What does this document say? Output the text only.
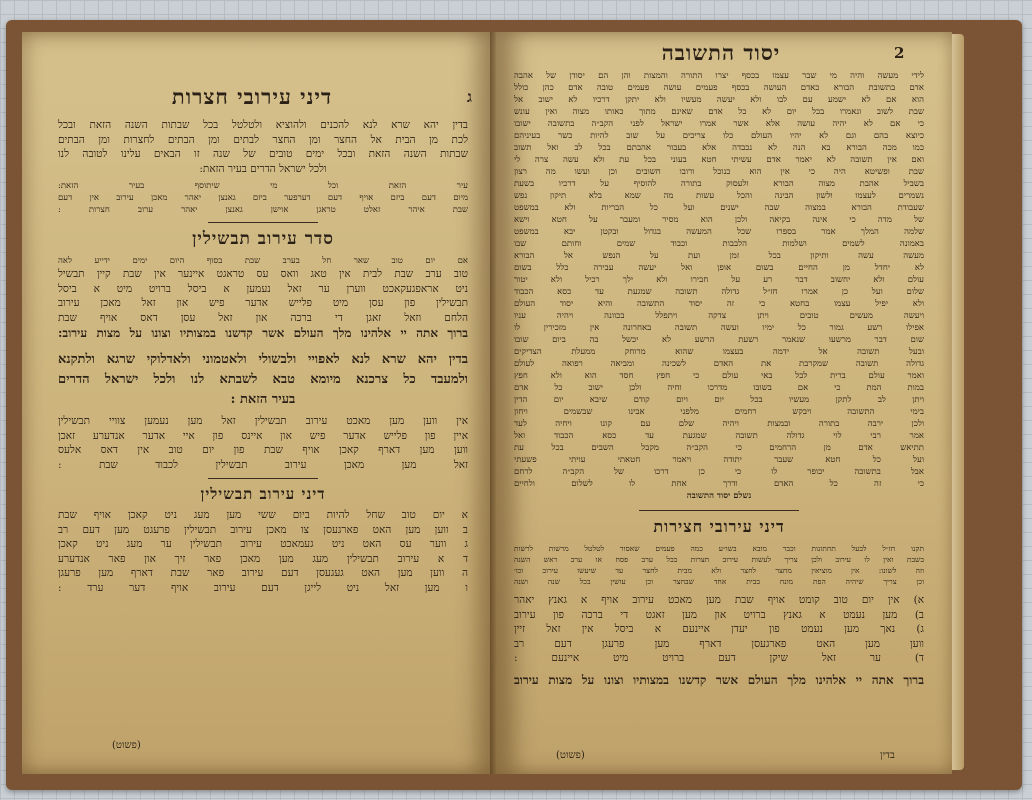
ג
דיני עירובי חצרות
בדין יהא שרא לנא להכנים ולהוציא ולטלטל בכל שבתות השנה הזאת ובכל
לכת מן הבית אל החצר ומן החצר לבתים ומן הבתים לחצרות ומן הבתים
שבתות השנה הזאת ובכל ימים טובים של שנה זו הבאים עלינו לטובה לנו
ולכל ישראל הדרים בעיר הזאת:
עיר הזאת וכל מי שיתוסף בעיר הזאת:
מיום דעם ביזם אויף דעם דערפער ביזם גאנצן יאהר מאכן עירוב אין דעם
שבת איהר זאלט טראגן אוישן גאנצן יאהר ערוב חצרות :
סדר עירוב תבשילין
אם יום טוב שאר חל בערב שבת בסוף היום ימים ידייע לאה
טוב ערב שבת לבית אין טאג וואס עס טראגט איינער אין שבת קיין תבשיל
ניט אראפגעקאכט ווערן ער זאל נעמען א ביסל ברויט מיט א ביסל
תבשילין פון עסן מיט פלייש אדער פיש און זאל מאכן עירוב
הלחם וזאל זאגן די ברכה און זאל עסן דאס אויף שבת
ברוך אתה יי אלהינו מלך העולם אשר קדשנו במצותיו וצונו על מצות עירוב:
בדין יהא שרא לנא לאפויי ולבשולי ולאטמוני ולאדלוקי שרגא ולתקנא
ולמעבד כל צרכנא מיומא טבא לשבתא לנו ולכל ישראל הדרים
בעיר הזאת :
אין ווען מען מאכט עירוב תבשילין זאל מען נעמען צוויי תבשילין
איין פון פלייש אדער פיש און איינס פון איי אדער אנדערע זאכן
ווען מען דארף קאכן אויף שבת פון יום טוב אין דאס אלעס
זאל מען מאכן עירוב תבשילין לכבוד שבת :
דיני עירוב תבשילין
א יום טוב שחל להיות ביום ששי מען מעג ניט קאכן אויף שבת
ב ווען מען האט פארגעסן צו מאכן עירוב תבשילין פרעגט מען דעם רב
ג ווער עס האט ניט געמאכט עירוב תבשילין ער מעג ניט קאכן
ד א עירוב תבשילין מעג מען מאכן פאר זיך און פאר אנדערע
ה ווען מען האט געגעסן דעם עירוב פאר שבת דארף מען פרעגן
ו מען זאל ניט לייגן דעם עירוב אויף דער ערד :
(פשוט)
2
יסוד התשובה
לידי מעשה והיה מי שבר עצמו בכסף יצרו התורה והמצות והן הם יסודן של אהבה
אדם בתשובת הבורא כאדם העושה בכסף פעמים עושה פעמים טובה אדם כהן כולל
הוא אם לא ישמע עם לבו ולא יעשה מעשיו ולא יתקן דרכיו לא ישוב אל
שבת לשוב ונאמרו בכל יום לא כל אדם שאינם מתוך כאותו מצוה ואין עונש
כי אם לא יהיה עושה אלא אשר אמרו ישראל לפני הקב״ה בתשובה ישובו
כיוצא בהם וגם לא יהיו העולם כלו צריכים על שוב להיות כשר בעיניהם
כמו מכה הבורא בא הנה לא נכבדה אלא בעבור אהבתם בכל לב ואל תשוב
ואם אין תשובה לא יאמר אדם עשיתי חטא בעוני בכל עת ולא עשה צרה לי
שבת ופשיטא היה כי אין הוא כנוכל ורובו חשובים וכן ועשו מה רצון
בשביל אהבת מצוה הבורא ולעסוק בתורה להוסיף על דרכיו בשעת
נשמרים לעצמו ולשון הבינה והכל עשות מה שמא בלא תיקון נפש
שעבודת הבורא במצוה שבה ישנים ועל כל הבריות ולא במשפט
של מדה כי אינה בקיאה ולכן הוא מסיר ומעבר על חטא וישא
שלמה המלך אמר בספרו שכל המעשה בגדול ובקטן יבא במשפט
באמונה לשמים ושלמות הלבבות וכבוד שמים וחותם שבו
מעשה עשה ותיקון בכל זמן ועת על הנפש אל הבורא
לא יחדל מן החיים בשום אופן ואל יעשה עבירה כלל בשום
עולם ולא יחשוב דבר רע על חבירו ולא ילך רכיל ולא יטור
שלום ועל כן אמרו חז״ל גדולה תשובה שמגעת עד כסא הכבוד
ולא יפיל עצמו בחטא כי זה יסוד התשובה והיא יסוד העולם
ויעשה מעשים טובים ויתן צדקה ויתפלל בכוונה ויהיה עניו
אפילו רשע גמור כל ימיו ועשה תשובה באחרונה אין מזכירין לו
שום דבר מרשעו שנאמר רשעת הרשע לא יכשל בה ביום שובו
ובעל תשובה אל ידמה בעצמו שהוא מרוחק ממעלת הצדיקים
גדולה תשובה שמקרבת את האדם לשכינה ומביאה רפואה לעולם
ואמר עולם ברית לכל באי עולם כי חפץ חסד הוא ולא חפץ
במות המת כי אם בשובו מדרכו וחיה ולכן ישוב כל אדם
ויתן לב לתקן מעשיו בכל יום ויום קודם שיבא יום הדין
בימי התשובה ויבקש רחמים מלפני אבינו שבשמים ויחון
ולכן ירבה בתורה ובמצות ויהיה שלם עם קונו ויחיה לעד
אמר רבי לוי גדולה תשובה שמגעת עד כסא הכבוד ואל
תתיאש אדם מן הרחמים כי הקב״ה מקבל השבים בכל עת
ועל כל חטא שעבר יתודה ויאמר חטאתי עויתי פשעתי
אבל בתשובה יכופר לו כי כן דרכו של הקב״ה לרחם
כי זה כל האדם ודרך אחת לו לשלום ולחיים
נשלם יסוד התשובה
דיני עירובי חצירות
תקנו חז״ל לבעל תחתונות וכבר מובא בשו״ע כמה פעמים שאסור לטלטל מרשות לרשות
בשבת ואין לו עירוב ולכן צריך לעשות עירוב חצרות בכל ערב פסח או ערב ראש השנה
וזה לשונו: אין מוציאין מחצר לחצר ולא מבית לחצר עד שיעשו עירוב וכו׳
וכן צריך שיהיה הפת מונח בבית אחד שבחצר וכן עושין בכל שנה ושנה
א) אין יום טוב קומט אויף שבת מען מאכט עירוב אויף א גאנץ יאהר
ב) מען נעמט א גאנץ ברויט און מען זאגט די ברכה פון עירוב
ג) נאך מען נעמט פון יעדן איינעם א ביסל אין זאל זיין
ווען מען האט פארגעסן דארף מען פרעגן דעם רב
ד) ער זאל שיקן דעם ברויט מיט איינעם :
ברוך אתה יי אלהינו מלך העולם אשר קדשנו במצותיו וצונו על מצות עירוב
(פשוט)	בדין
